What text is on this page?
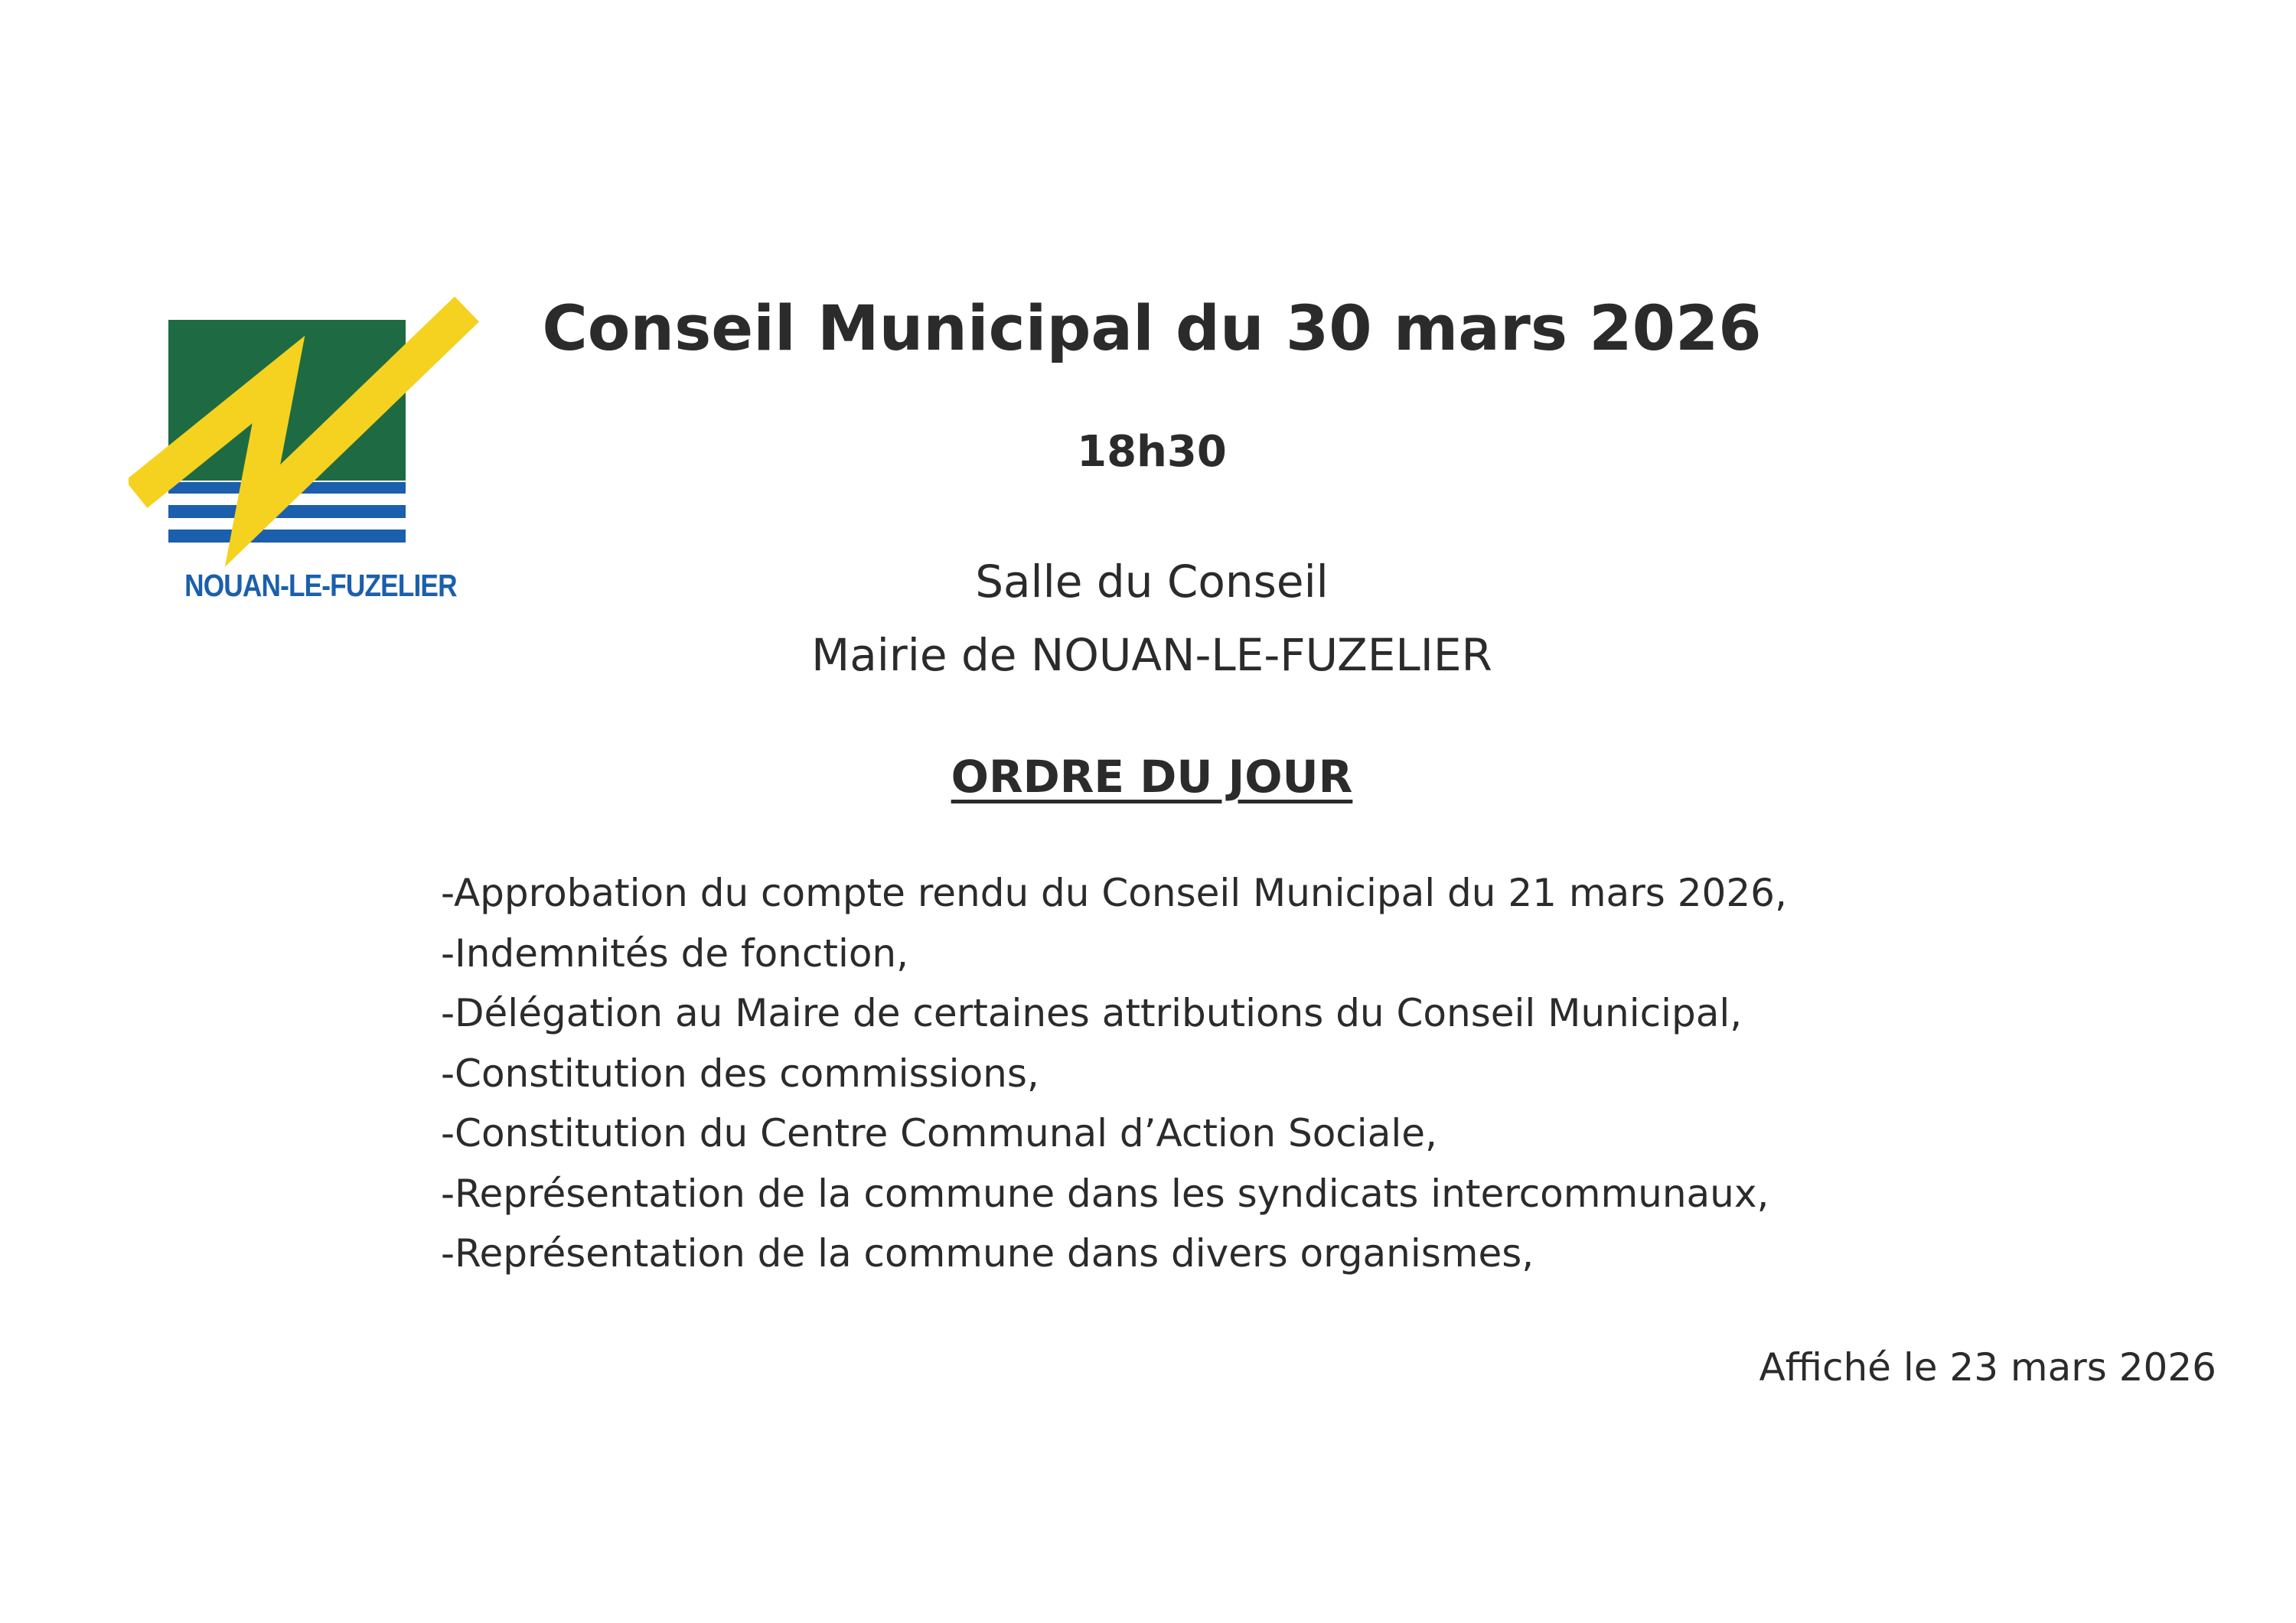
NOUAN-LE-FUZELIER
Conseil Municipal du 30 mars 2026
18h30
Salle du Conseil
Mairie de NOUAN-LE-FUZELIER
ORDRE DU JOUR
-Approbation du compte rendu du Conseil Municipal du 21 mars 2026,
-Indemnités de fonction,
-Délégation au Maire de certaines attributions du Conseil Municipal,
-Constitution des commissions,
-Constitution du Centre Communal d’Action Sociale,
-Représentation de la commune dans les syndicats intercommunaux,
-Représentation de la commune dans divers organismes,
Affiché le 23 mars 2026
